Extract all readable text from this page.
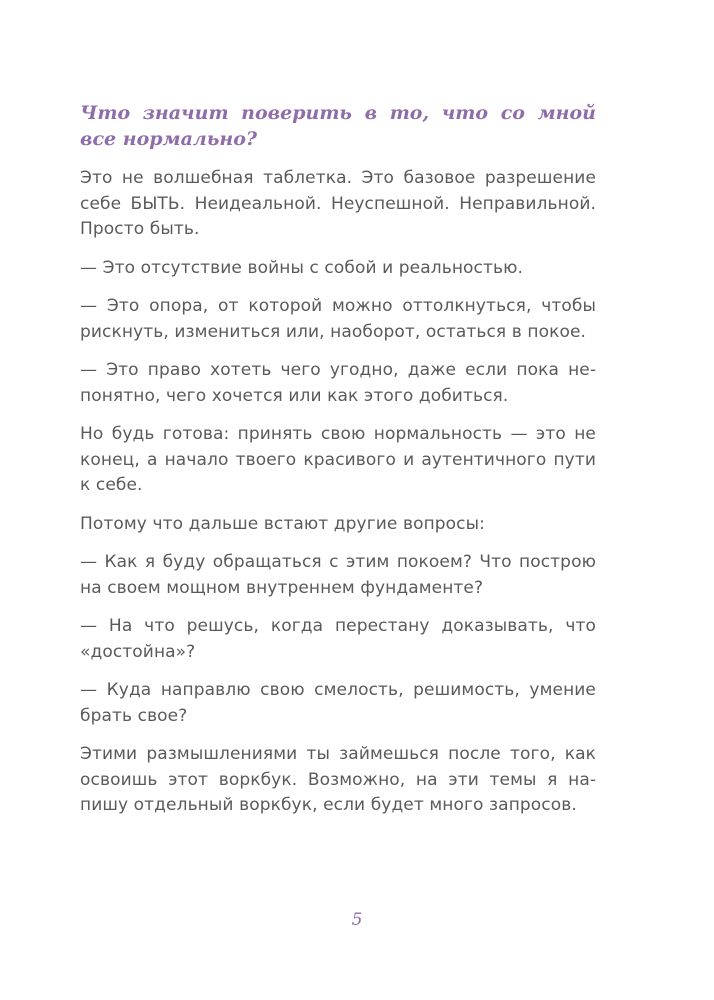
Что значит поверить в то, что со мной все нормально?

Это не волшебная таблетка. Это базовое разрешение себе БЫТЬ. Неидеальной. Неуспешной. Неправильной. Просто быть.

— Это отсутствие войны с собой и реальностью.

— Это опора, от которой можно оттолкнуться, чтобы рискнуть, измениться или, наоборот, остаться в покое.

— Это право хотеть чего угодно, даже если пока непонятно, чего хочется или как этого добиться.

Но будь готова: принять свою нормальность — это не конец, а начало твоего красивого и аутентичного пути к себе.

Потому что дальше встают другие вопросы:

— Как я буду обращаться с этим покоем? Что построю на своем мощном внутреннем фундаменте?

— На что решусь, когда перестану доказывать, что «достойна»?

— Куда направлю свою смелость, решимость, умение брать свое?

Этими размышлениями ты займешься после того, как освоишь этот воркбук. Возможно, на эти темы я напишу отдельный воркбук, если будет много запросов.

5
